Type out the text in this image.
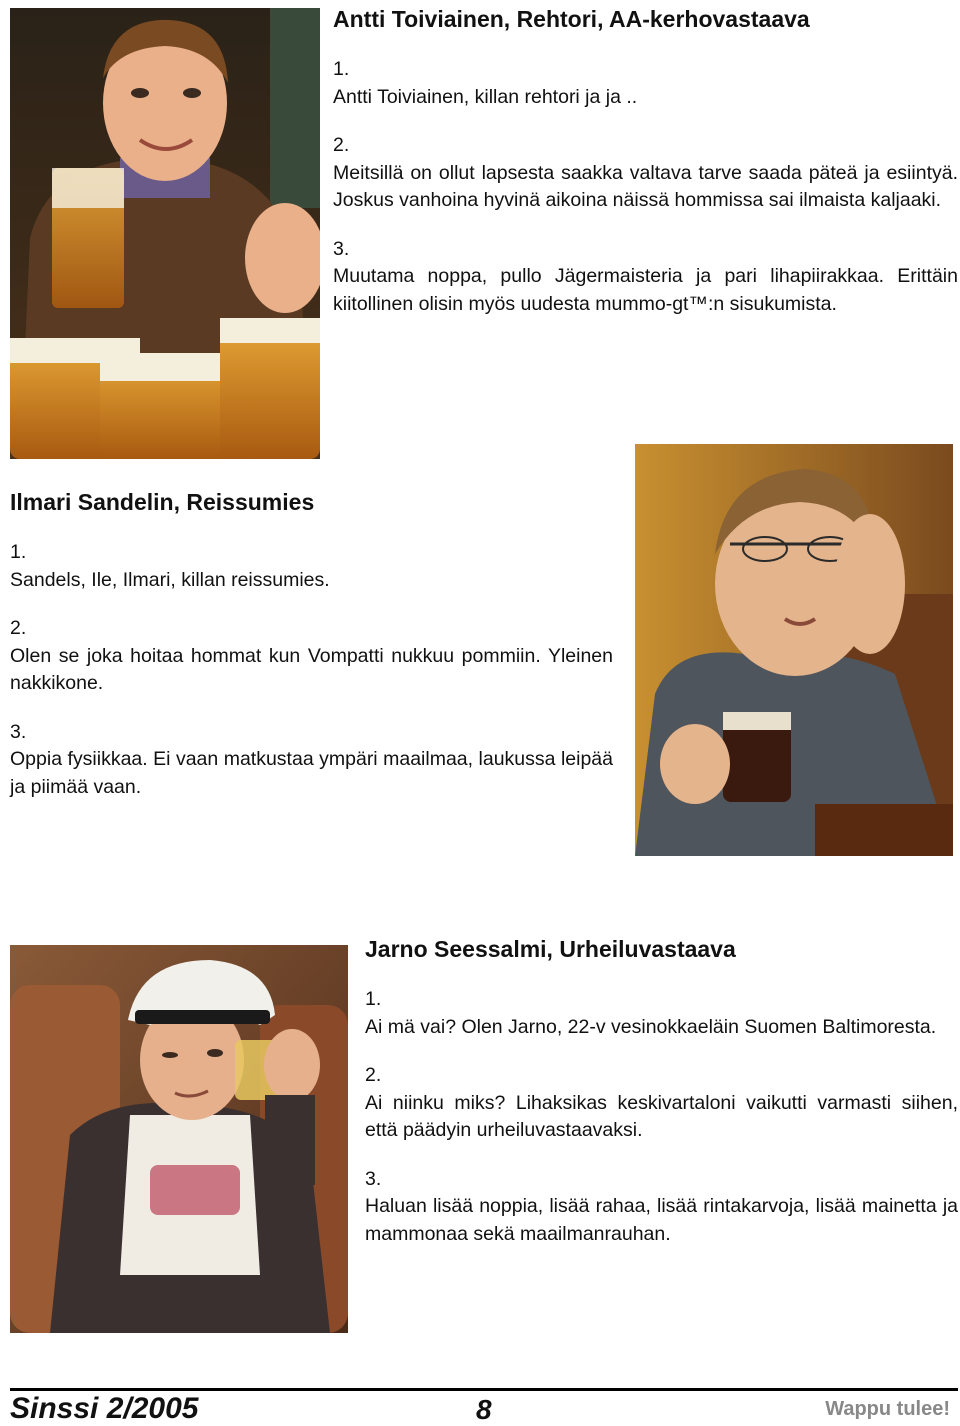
Antti Toiviainen, Rehtori, AA-kerhovastaava
1.
Antti Toiviainen, killan rehtori ja ja ..
2.
Meitsillä on ollut lapsesta saakka valtava tarve saada päteä ja esiintyä. Joskus vanhoina hyvinä aikoina näissä hommissa sai ilmaista kaljaaki.
3.
Muutama noppa, pullo Jägermaisteria ja pari lihapiirakkaa. Erittäin kiitollinen olisin myös uudesta mummo-gt™:n sisukumista.
Ilmari Sandelin, Reissumies
1.
Sandels, Ile, Ilmari, killan reissumies.
2.
Olen se joka hoitaa hommat kun Vompatti nukkuu pommiin. Yleinen nakkikone.
3.
Oppia fysiikkaa. Ei vaan matkustaa ympäri maailmaa, laukussa leipää ja piimää vaan.
Jarno Seessalmi, Urheiluvastaava
1.
Ai mä vai? Olen Jarno, 22-v vesinokkaeläin Suomen Baltimoresta.
2.
Ai niinku miks? Lihaksikas keskivartaloni vaikutti varmasti siihen, että päädyin urheiluvastaavaksi.
3.
Haluan lisää noppia, lisää rahaa, lisää rintakarvoja, lisää mainetta ja mammonaa sekä maailmanrauhan.
Sinssi 2/2005	8	Wappu tulee!
